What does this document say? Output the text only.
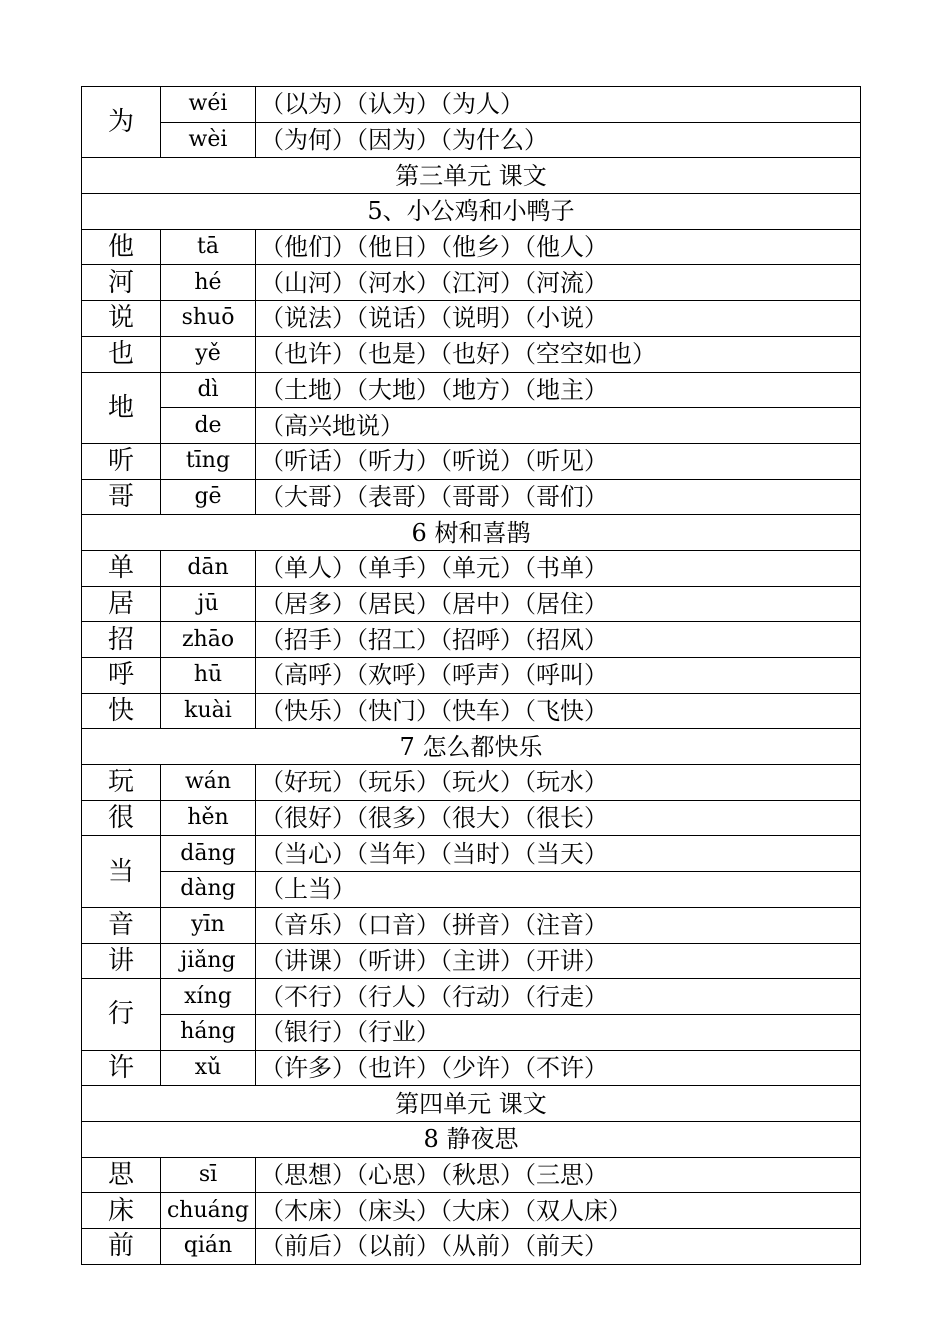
为	wéi	（以为）（认为）（为人）
	wèi	（为何）（因为）（为什么）
第三单元 课文		
5、小公鸡和小鸭子		
他	tā	（他们）（他日）（他乡）（他人）
河	hé	（山河）（河水）（江河）（河流）
说	shuō	（说法）（说话）（说明）（小说）
也	yě	（也许）（也是）（也好）（空空如也）
地	dì	（土地）（大地）（地方）（地主）
	de	（高兴地说）
听	tīng	（听话）（听力）（听说）（听见）
哥	gē	（大哥）（表哥）（哥哥）（哥们）
6 树和喜鹊		
单	dān	（单人）（单手）（单元）（书单）
居	jū	（居多）（居民）（居中）（居住）
招	zhāo	（招手）（招工）（招呼）（招风）
呼	hū	（高呼）（欢呼）（呼声）（呼叫）
快	kuài	（快乐）（快门）（快车）（飞快）
7 怎么都快乐		
玩	wán	（好玩）（玩乐）（玩火）（玩水）
很	hěn	（很好）（很多）（很大）（很长）
当	dāng	（当心）（当年）（当时）（当天）
	dàng	（上当）
音	yīn	（音乐）（口音）（拼音）（注音）
讲	jiǎng	（讲课）（听讲）（主讲）（开讲）
行	xíng	（不行）（行人）（行动）（行走）
	háng	（银行）（行业）
许	xǔ	（许多）（也许）（少许）（不许）
第四单元 课文		
8 静夜思		
思	sī	（思想）（心思）（秋思）（三思）
床	chuáng	（木床）（床头）（大床）（双人床）
前	qián	（前后）（以前）（从前）（前天）
